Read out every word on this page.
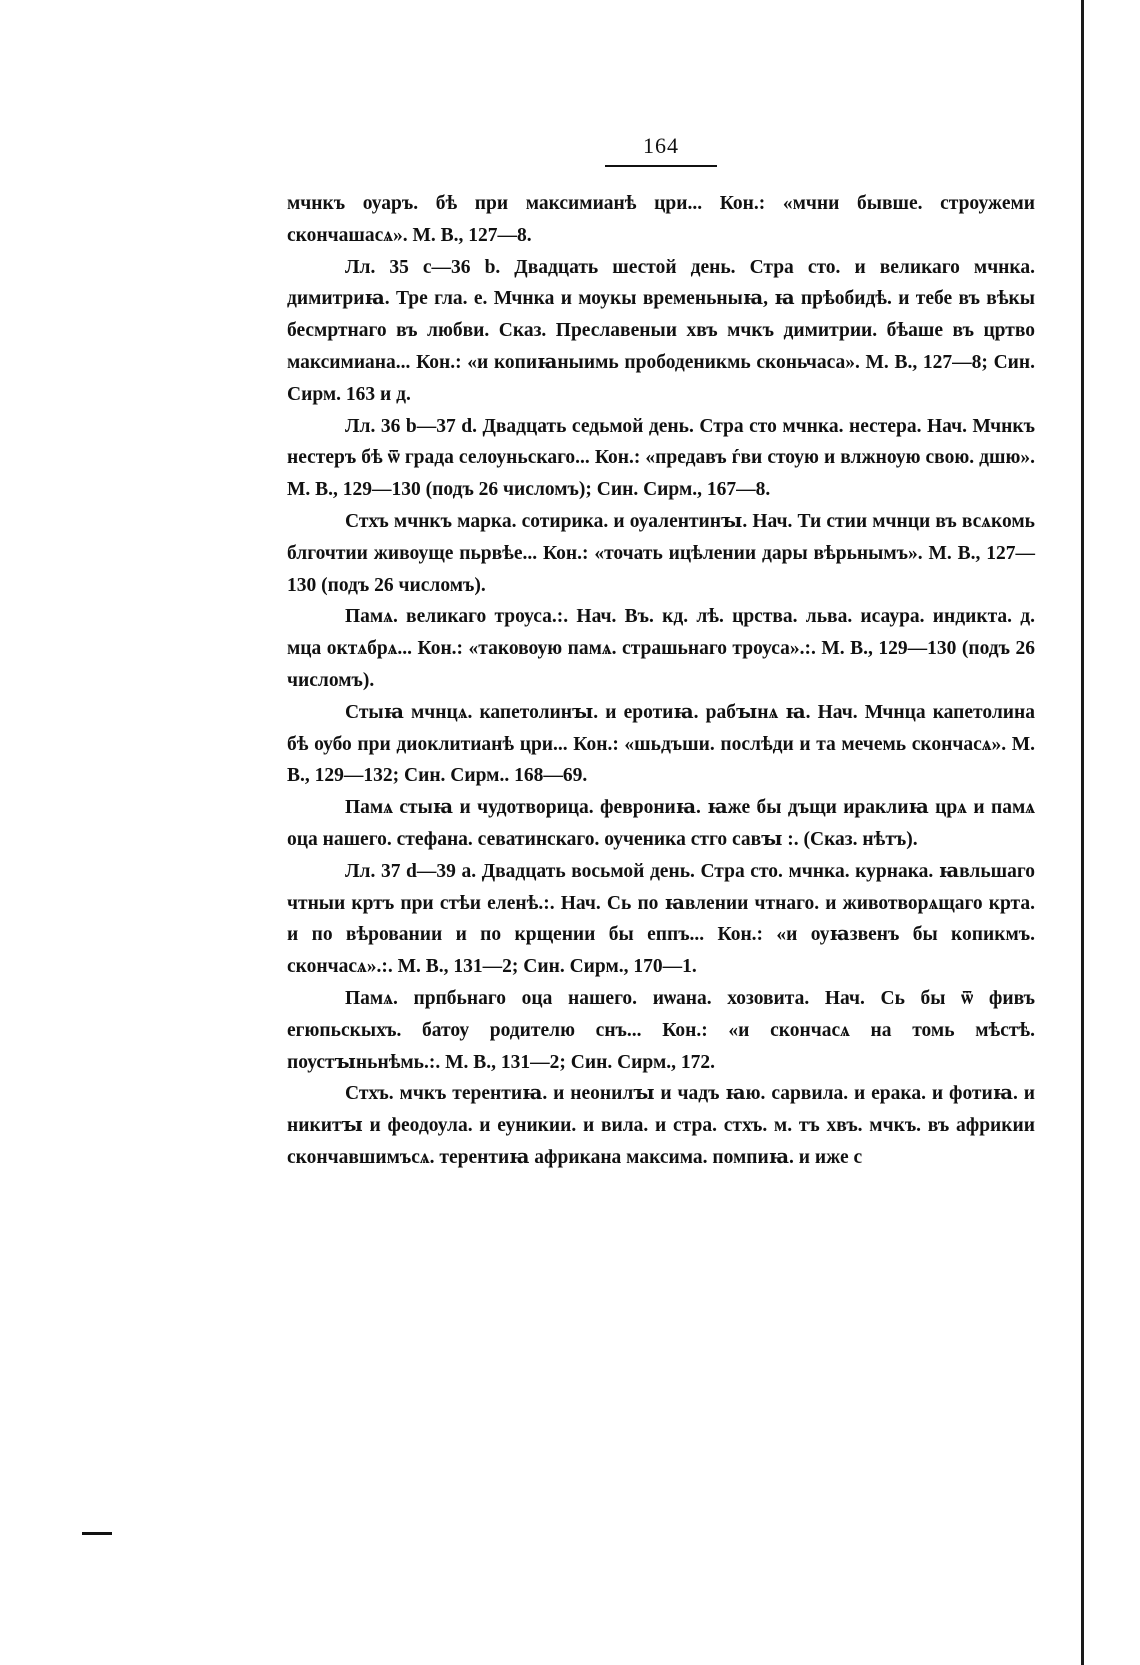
164

мчнкъ оуаръ. бѣ при максимианѣ цри... Кон.: «мчни бывше. строужеми скончашасѧ». М. В., 127—8.

Лл. 35 c—36 b. Двадцать шестой день. Стра сто. и великаго мчнка. димитриꙗ. Тре гла. е. Мчнка и моукы временьныꙗ, ꙗ прѣобидѣ. и тебе въ вѣкы бесмртнаго въ любви. Сказ. Преславеныи хвъ мчкъ димитрии. бѣаше въ цртво максимиана... Кон.: «и копиꙗныимь прободеникмь сконьчаса». М. В., 127—8; Син. Сирм. 163 и д.

Лл. 36 b—37 d. Двадцать седьмой день. Стра сто мчнка. нестера. Нач. Мчнкъ нестеръ бѣ ѿ града селоуньскаго... Кон.: «предавъ ѓви стоую и влжноую свою. дшю». М. В., 129—130 (подъ 26 числомъ); Син. Сирм., 167—8.

Стхъ мчнкъ марка. сотирика. и оуалентинꙑ. Нач. Ти стии мчнци въ всѧкомь блгочтии живоуще пьрвѣе... Кон.: «точать ицѣлении дары вѣрьнымъ». М. В., 127—130 (подъ 26 числомъ).

Памѧ. великаго троуса.:. Нач. Въ. кд. лѣ. црства. льва. исаура. индикта. д. мца октѧбрѧ... Кон.: «таковоую памѧ. страшьнаго троуса».:. М. В., 129—130 (подъ 26 числомъ).

Стыꙗ мчнцѧ. капетолинꙑ. и еротиꙗ. рабꙑнѧ ꙗ. Нач. Мчнца капетолина бѣ оубо при диоклитианѣ цри... Кон.: «шьдъши. послѣди и та мечемь скончасѧ». М. В., 129—132; Син. Сирм.. 168—69.

Памѧ стыꙗ и чудотворица. феврониꙗ. ꙗже бы дъщи ираклиꙗ црѧ и памѧ оца нашего. стефана. севатинскаго. оученика стго савꙑ :. (Сказ. нѣтъ).

Лл. 37 d—39 a. Двадцать восьмой день. Стра сто. мчнка. курнака. ꙗвльшаго чтныи кртъ при стѣи еленѣ.:. Нач. Сь по ꙗвлении чтнаго. и животворѧщаго крта. и по вѣровании и по крщении бы еппъ... Кон.: «и оуꙗзвенъ бы копикмъ. скончасѧ».:. М. В., 131—2; Син. Сирм., 170—1.

Памѧ. прпбьнаго оца нашего. иѡана. хозовита. Нач. Сь бы ѿ фивъ егюпьскыхъ. батоу родителю снъ... Кон.: «и скончасѧ на томь мѣстѣ. поустꙑньнѣмь.:. М. В., 131—2; Син. Сирм., 172.

Стхъ. мчкъ терентиꙗ. и неонилꙑ и чадъ ꙗю. сарвила. и ерака. и фотиꙗ. и никитꙑ и феодоула. и еуникии. и вила. и стра. стхъ. м. тъ хвъ. мчкъ. въ африкии скончавшимъсѧ. терентиꙗ африкана максима. помпиꙗ. и иже с
